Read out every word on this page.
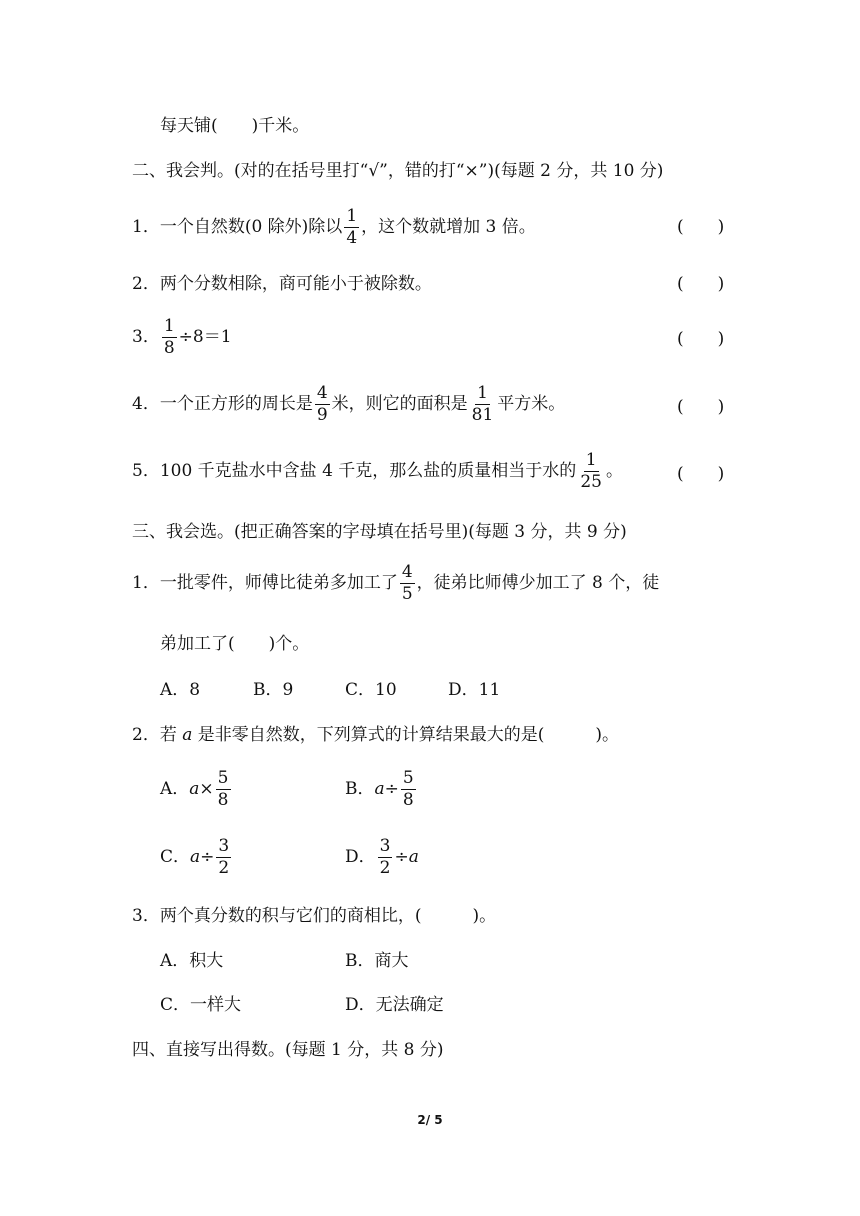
每天铺(　　)千米。
二、我会判。(对的在括号里打“√”，错的打“×”)(每题 2 分，共 10 分)
1．一个自然数(0 除外)除以 $\frac{1}{4}$ ，这个数就增加 3 倍。	(　　)
2．两个分数相除，商可能小于被除数。	(　　)
3． $\frac{1}{8} \div 8=1$	(　　)
4．一个正方形的周长是 $\frac{4}{9}$ 米，则它的面积是 $\frac{1}{81}$ 平方米。	(　　)
5．100 千克盐水中含盐 4 千克，那么盐的质量相当于水的 $\frac{1}{25}$ 。	(　　)
三、我会选。(把正确答案的字母填在括号里)(每题 3 分，共 9 分)
1．一批零件，师傅比徒弟多加工了 $\frac{4}{5}$ ，徒弟比师傅少加工了 8 个，徒
弟加工了(　　)个。
A．8	B．9	C．10	D．11
2．若 a 是非零自然数，下列算式的计算结果最大的是(　　　)。
A．$a\times \frac{5}{8}$	B．$a\div \frac{5}{8}$
C．$a\div \frac{3}{2}$	D． $\frac{3}{2} \div a$
3．两个真分数的积与它们的商相比，(　　　)。
A．积大	B．商大
C．一样大	D．无法确定
四、直接写出得数。(每题 1 分，共 8 分)
2/ 5
